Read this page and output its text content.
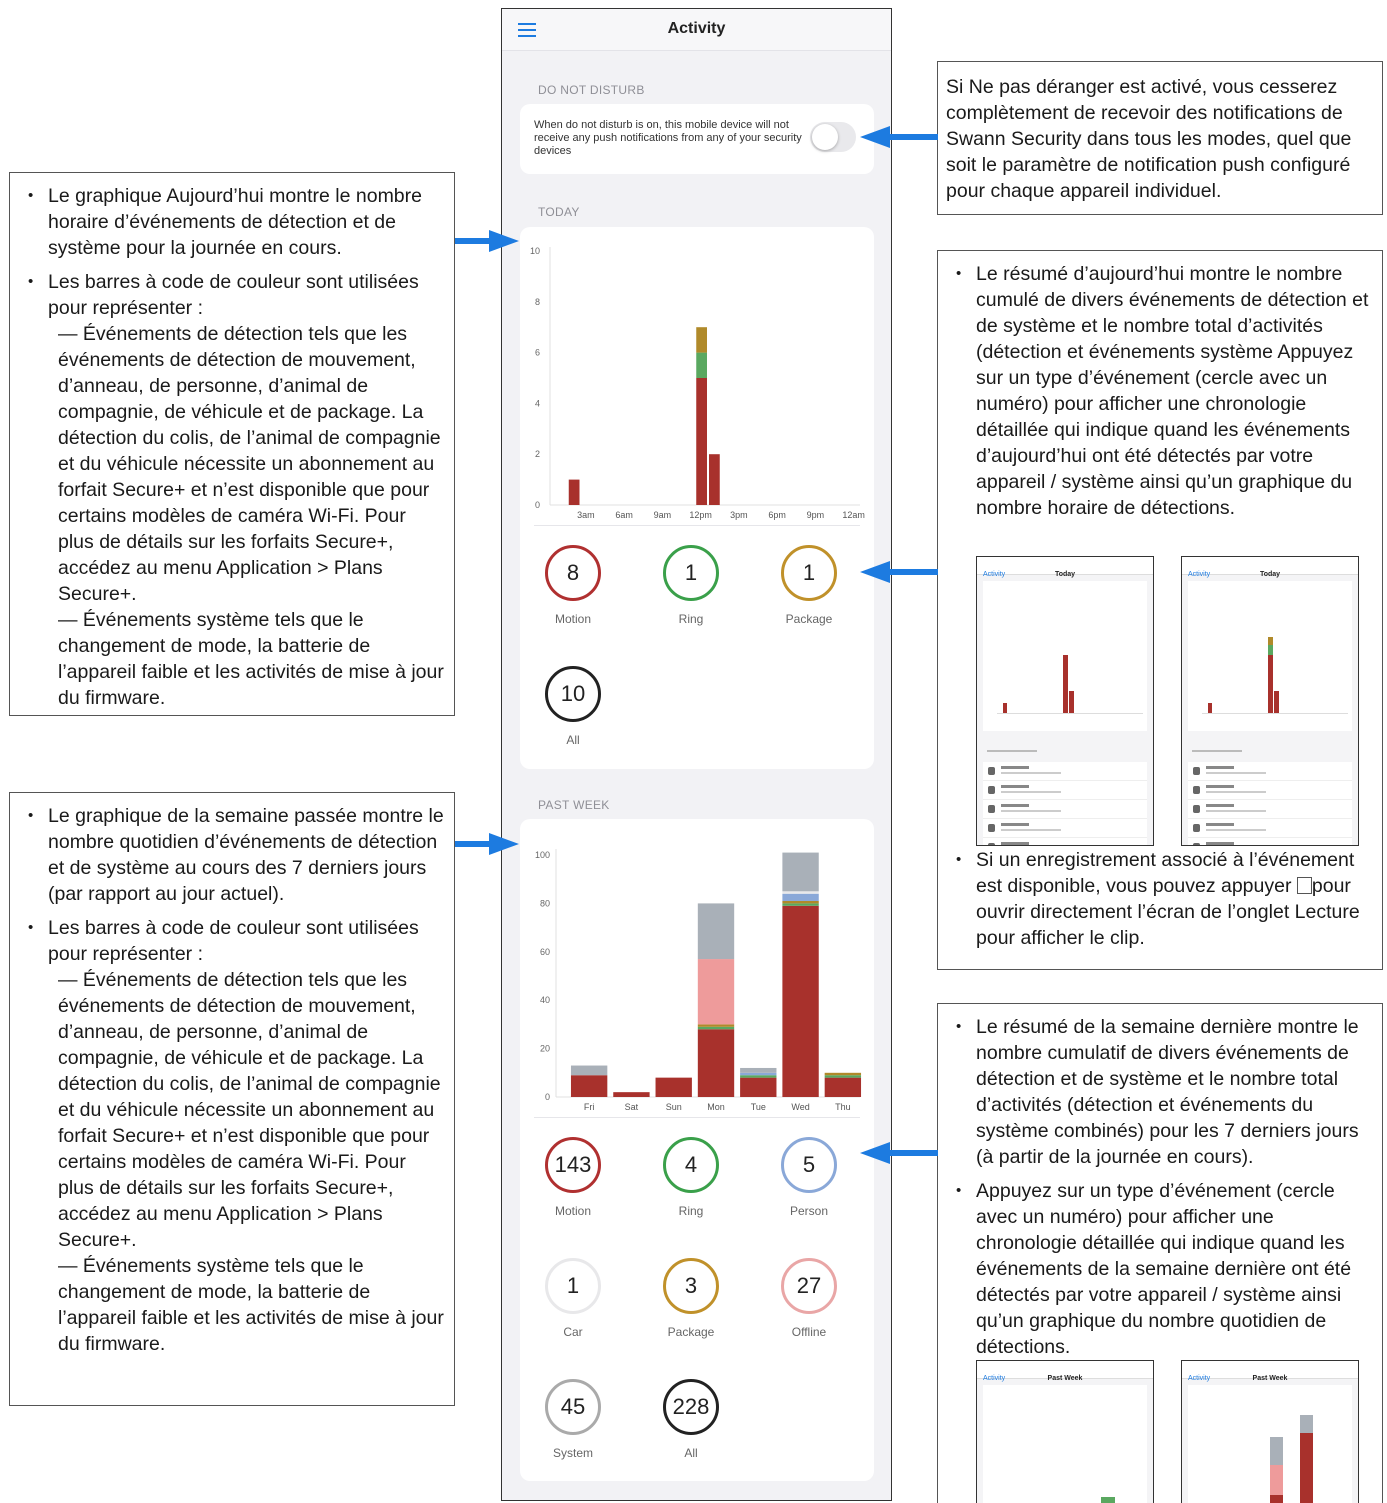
Activity
DO NOT DISTURB
When do not disturb is on, this mobile device will not receive any push notifications from any of your security devices
TODAY
0
2
4
6
8
10
3am 6am 9am 12pm 3pm 6pm 9pm 12am
8
Motion
1
Ring
1
Package
10
All
PAST WEEK
0
20
40
60
80
100
Fri	Sat	Sun	Mon	Tue	Wed	Thu
143
Motion
4
Ring
5
Person
1
Car
3
Package
27
Offline
45
System
228
All
Si Ne pas déranger est activé, vous cesserez complètement de recevoir des notifications de Swann Security dans tous les modes, quel que soit le paramètre de notification push configuré pour chaque appareil individuel.
• Le graphique Aujourd’hui montre le nombre horaire d’événements de détection et de système pour la journée en cours.
• Les barres à code de couleur sont utilisées pour représenter :
— Événements de détection tels que les événements de détection de mouvement, d’anneau, de personne, d’animal de compagnie, de véhicule et de package. La détection du colis, de l’animal de compagnie et du véhicule nécessite un abonnement au forfait Secure+ et n’est disponible que pour certains modèles de caméra Wi-Fi. Pour plus de détails sur les forfaits Secure+, accédez au menu Application > Plans Secure+.
— Événements système tels que le changement de mode, la batterie de l’appareil faible et les activités de mise à jour du firmware.
• Le graphique de la semaine passée montre le nombre quotidien d’événements de détection et de système au cours des 7 derniers jours (par rapport au jour actuel).
• Les barres à code de couleur sont utilisées pour représenter :
— Événements de détection tels que les événements de détection de mouvement, d’anneau, de personne, d’animal de compagnie, de véhicule et de package. La détection du colis, de l’animal de compagnie et du véhicule nécessite un abonnement au forfait Secure+ et n’est disponible que pour certains modèles de caméra Wi-Fi. Pour plus de détails sur les forfaits Secure+, accédez au menu Application > Plans Secure+.
— Événements système tels que le changement de mode, la batterie de l’appareil faible et les activités de mise à jour du firmware.
• Le résumé d’aujourd’hui montre le nombre cumulé de divers événements de détection et de système et le nombre total d’activités (détection et événements système Appuyez sur un type d’événement (cercle avec un numéro) pour afficher une chronologie détaillée qui indique quand les événements d’aujourd’hui ont été détectés par votre appareil / système ainsi qu’un graphique du nombre horaire de détections.
• Si un enregistrement associé à l’événement est disponible, vous pouvez appuyer pour ouvrir directement l’écran de l’onglet Lecture pour afficher le clip.
Activity	Today	Activity	Today
• Le résumé de la semaine dernière montre le nombre cumulatif de divers événements de détection et de système et le nombre total d’activités (détection et événements du système combinés) pour les 7 derniers jours (à partir de la journée en cours).
• Appuyez sur un type d’événement (cercle avec un numéro) pour afficher une chronologie détaillée qui indique quand les événements de la semaine dernière ont été détectés par votre appareil / système ainsi qu’un graphique du nombre quotidien de détections.
Activity	Past Week	Activity	Past Week
